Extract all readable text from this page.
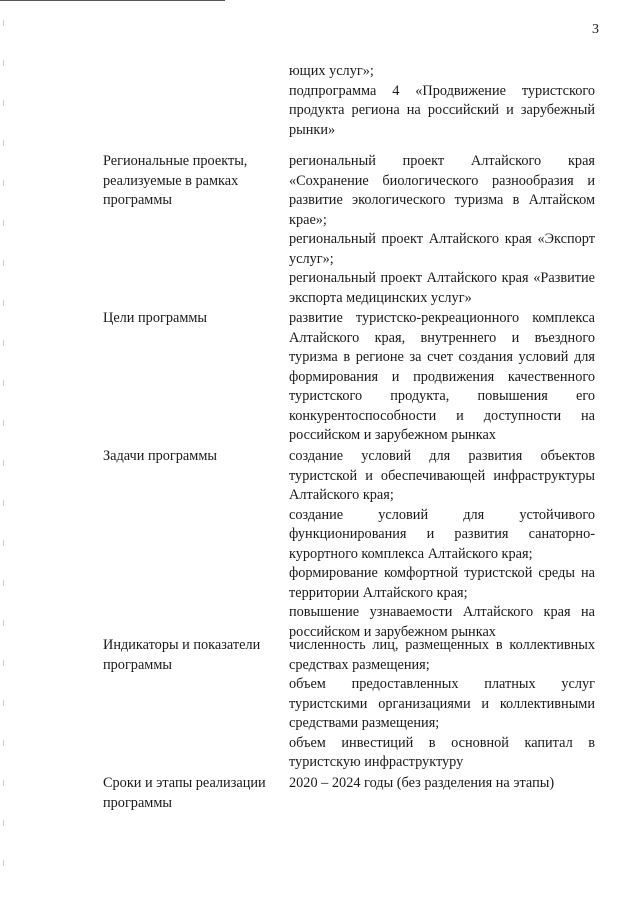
3

ющих услуг»;

подпрограмма 4 «Продвижение туристского продукта региона на российский и зарубежный рынки»

Региональные проекты, реализуемые в рамках программы

региональный проект Алтайского края «Сохранение биологического разнообразия и развитие экологического туризма в Алтайском крае»;

региональный проект Алтайского края «Экспорт услуг»;

региональный проект Алтайского края «Развитие экспорта медицинских услуг»

Цели программы	развитие туристско-рекреационного комплекса Алтайского края, внутреннего и въездного туризма в регионе за счет создания условий для формирования и продвижения качественного туристского продукта, повышения его конкурентоспособности и доступности на российском и зарубежном рынках

Задачи программы	создание условий для развития объектов туристской и обеспечивающей инфраструктуры Алтайского края;

создание условий для устойчивого функционирования и развития санаторно-курортного комплекса Алтайского края;

формирование комфортной туристской среды на территории Алтайского края;

повышение узнаваемости Алтайского края на российском и зарубежном рынках

Индикаторы и показатели программы

численность лиц, размещенных в коллективных средствах размещения;

объем предоставленных платных услуг туристскими организациями и коллективными средствами размещения;

объем инвестиций в основной капитал в туристскую инфраструктуру

Сроки и этапы реализации программы

2020 – 2024 годы (без разделения на этапы)
